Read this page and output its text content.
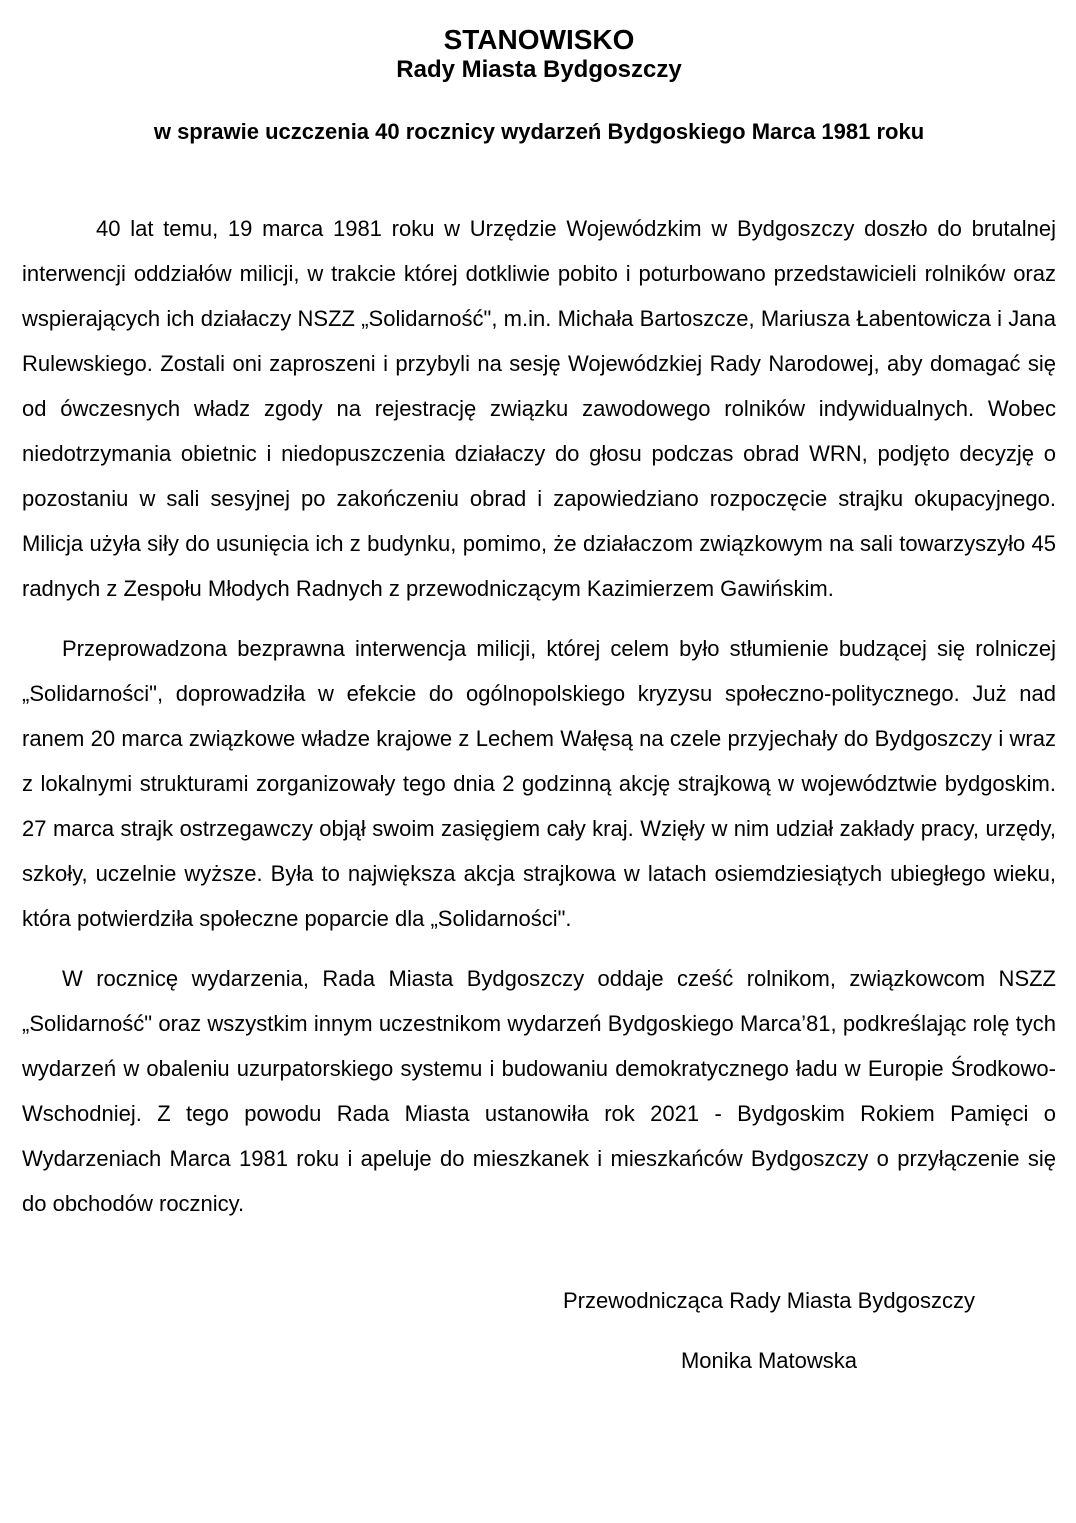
STANOWISKO
Rady Miasta Bydgoszczy
w sprawie uczczenia 40 rocznicy wydarzeń Bydgoskiego Marca 1981 roku

40 lat temu, 19 marca 1981 roku w Urzędzie Wojewódzkim w Bydgoszczy doszło do brutalnej interwencji oddziałów milicji, w trakcie której dotkliwie pobito i poturbowano przedstawicieli rolników oraz wspierających ich działaczy NSZZ „Solidarność", m.in. Michała Bartoszcze, Mariusza Łabentowicza i Jana Rulewskiego. Zostali oni zaproszeni i przybyli na sesję Wojewódzkiej Rady Narodowej, aby domagać się od ówczesnych władz zgody na rejestrację związku zawodowego rolników indywidualnych. Wobec niedotrzymania obietnic i niedopuszczenia działaczy do głosu podczas obrad WRN, podjęto decyzję o pozostaniu w sali sesyjnej po zakończeniu obrad i zapowiedziano rozpoczęcie strajku okupacyjnego. Milicja użyła siły do usunięcia ich z budynku, pomimo, że działaczom związkowym na sali towarzyszyło 45 radnych z Zespołu Młodych Radnych z przewodniczącym Kazimierzem Gawińskim.

Przeprowadzona bezprawna interwencja milicji, której celem było stłumienie budzącej się rolniczej „Solidarności", doprowadziła w efekcie do ogólnopolskiego kryzysu społeczno-politycznego. Już nad ranem 20 marca związkowe władze krajowe z Lechem Wałęsą na czele przyjechały do Bydgoszczy i wraz z lokalnymi strukturami zorganizowały tego dnia 2 godzinną akcję strajkową w województwie bydgoskim. 27 marca strajk ostrzegawczy objął swoim zasięgiem cały kraj. Wzięły w nim udział zakłady pracy, urzędy, szkoły, uczelnie wyższe. Była to największa akcja strajkowa w latach osiemdziesiątych ubiegłego wieku, która potwierdziła społeczne poparcie dla „Solidarności".

W rocznicę wydarzenia, Rada Miasta Bydgoszczy oddaje cześć rolnikom, związkowcom NSZZ „Solidarność" oraz wszystkim innym uczestnikom wydarzeń Bydgoskiego Marca’81, podkreślając rolę tych wydarzeń w obaleniu uzurpatorskiego systemu i budowaniu demokratycznego ładu w Europie Środkowo-Wschodniej. Z tego powodu Rada Miasta ustanowiła rok 2021 - Bydgoskim Rokiem Pamięci o Wydarzeniach Marca 1981 roku i apeluje do mieszkanek i mieszkańców Bydgoszczy o przyłączenie się do obchodów rocznicy.

Przewodnicząca Rady Miasta Bydgoszczy

Monika Matowska
